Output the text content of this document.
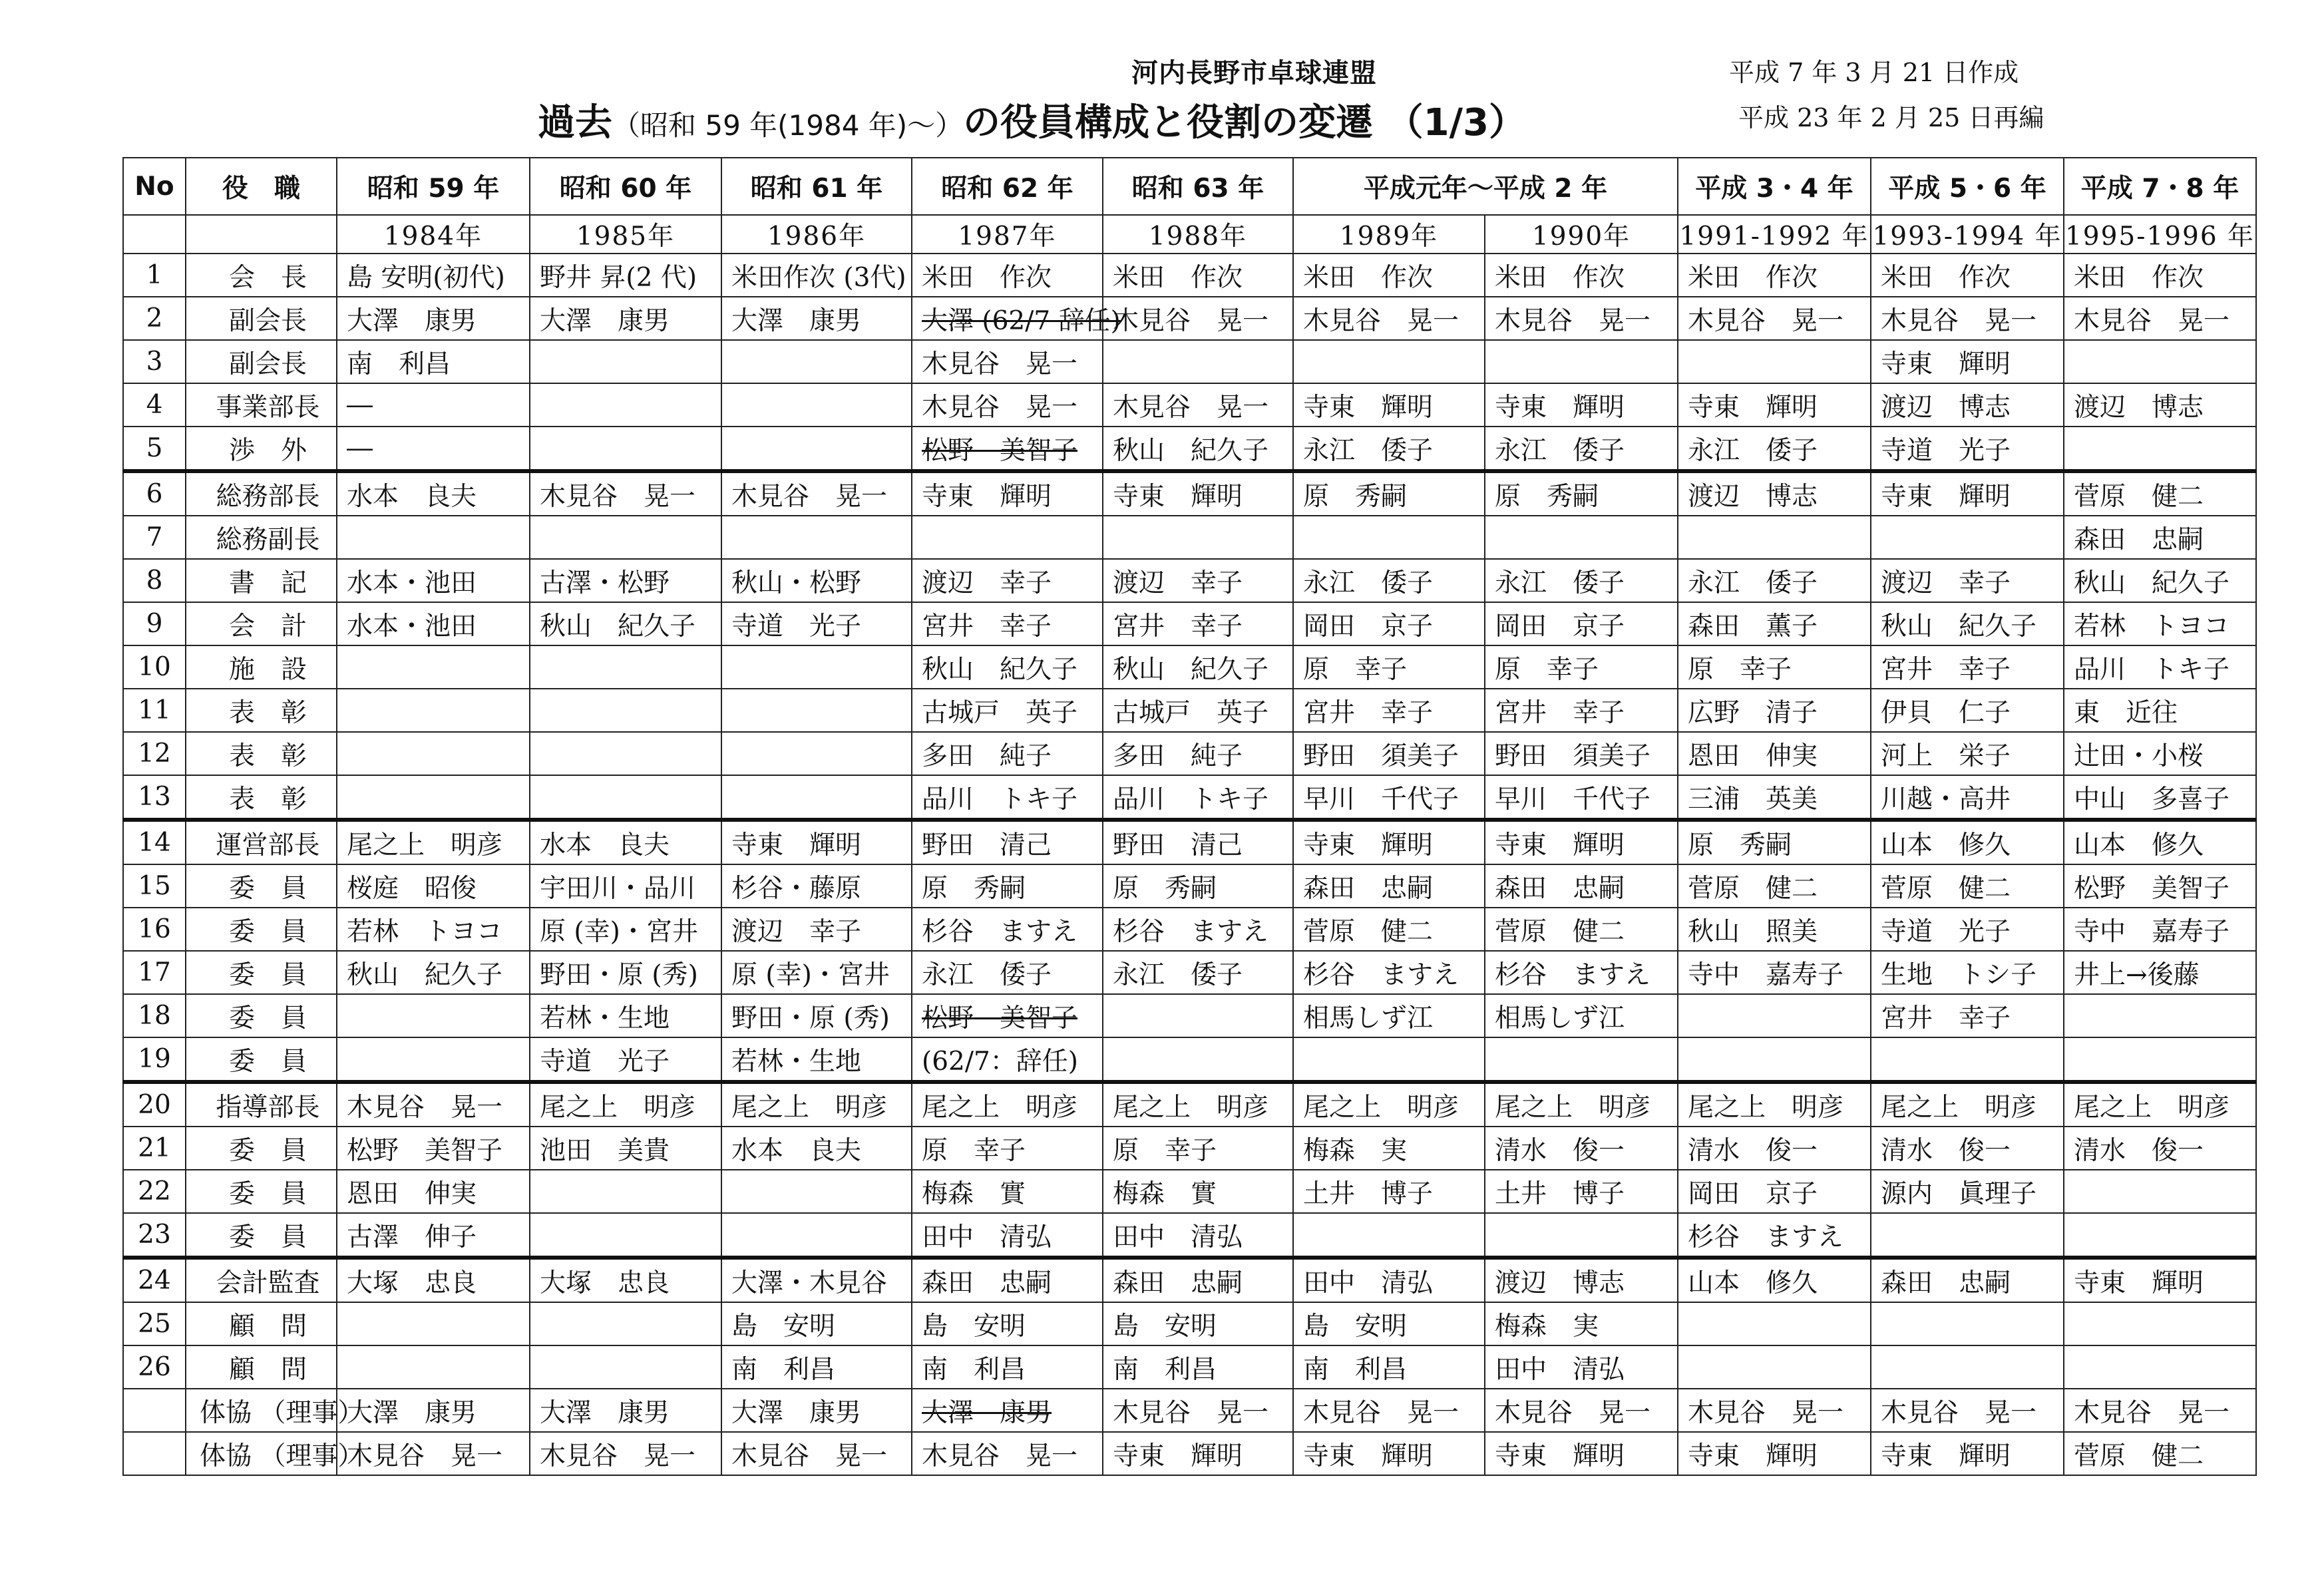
河内長野市卓球連盟
過去（昭和 59 年(1984 年)～）の役員構成と役割の変遷 （1/3）
平成 7 年 3 月 21 日作成
平成 23 年 2 月 25 日再編
No	役　職	昭和 59 年	昭和 60 年	昭和 61 年	昭和 62 年	昭和 63 年	平成元年～平成 2 年		平成 3・4 年	平成 5・6 年	平成 7・8 年
		1984年	1985年	1986年	1987年	1988年	1989年	1990年	1991-1992 年	1993-1994 年	1995-1996 年
1	会　長	島 安明(初代)	野井 昇(2 代)	米田作次 (3代)	米田　作次	米田　作次	米田　作次	米田　作次	米田　作次	米田　作次	米田　作次
2	副会長	大澤　康男	大澤　康男	大澤　康男	大澤 (62/7 辞任)	木見谷　晃一	木見谷　晃一	木見谷　晃一	木見谷　晃一	木見谷　晃一	木見谷　晃一
3	副会長	南　利昌			木見谷　晃一					寺東　輝明	
4	事業部長	―			木見谷　晃一	木見谷　晃一	寺東　輝明	寺東　輝明	寺東　輝明	渡辺　博志	渡辺　博志
5	渉　外	―			松野　美智子	秋山　紀久子	永江　倭子	永江　倭子	永江　倭子	寺道　光子	
6	総務部長	水本　良夫	木見谷　晃一	木見谷　晃一	寺東　輝明	寺東　輝明	原　秀嗣	原　秀嗣	渡辺　博志	寺東　輝明	菅原　健二
7	総務副長										森田　忠嗣
8	書　記	水本・池田	古澤・松野	秋山・松野	渡辺　幸子	渡辺　幸子	永江　倭子	永江　倭子	永江　倭子	渡辺　幸子	秋山　紀久子
9	会　計	水本・池田	秋山　紀久子	寺道　光子	宮井　幸子	宮井　幸子	岡田　京子	岡田　京子	森田　薫子	秋山　紀久子	若林　トヨコ
10	施　設				秋山　紀久子	秋山　紀久子	原　幸子	原　幸子	原　幸子	宮井　幸子	品川　トキ子
11	表　彰				古城戸　英子	古城戸　英子	宮井　幸子	宮井　幸子	広野　清子	伊貝　仁子	東　近往
12	表　彰				多田　純子	多田　純子	野田　須美子	野田　須美子	恩田　伸実	河上　栄子	辻田・小桜
13	表　彰				品川　トキ子	品川　トキ子	早川　千代子	早川　千代子	三浦　英美	川越・高井	中山　多喜子
14	運営部長	尾之上　明彦	水本　良夫	寺東　輝明	野田　清己	野田　清己	寺東　輝明	寺東　輝明	原　秀嗣	山本　修久	山本　修久
15	委　員	桜庭　昭俊	宇田川・品川	杉谷・藤原	原　秀嗣	原　秀嗣	森田　忠嗣	森田　忠嗣	菅原　健二	菅原　健二	松野　美智子
16	委　員	若林　トヨコ	原 (幸)・宮井	渡辺　幸子	杉谷　ますえ	杉谷　ますえ	菅原　健二	菅原　健二	秋山　照美	寺道　光子	寺中　嘉寿子
17	委　員	秋山　紀久子	野田・原 (秀)	原 (幸)・宮井	永江　倭子	永江　倭子	杉谷　ますえ	杉谷　ますえ	寺中　嘉寿子	生地　トシ子	井上→後藤
18	委　員		若林・生地	野田・原 (秀)	松野　美智子		相馬しず江	相馬しず江		宮井　幸子	
19	委　員		寺道　光子	若林・生地	(62/7：辞任)						
20	指導部長	木見谷　晃一	尾之上　明彦	尾之上　明彦	尾之上　明彦	尾之上　明彦	尾之上　明彦	尾之上　明彦	尾之上　明彦	尾之上　明彦	尾之上　明彦
21	委　員	松野　美智子	池田　美貴	水本　良夫	原　幸子	原　幸子	梅森　実	清水　俊一	清水　俊一	清水　俊一	清水　俊一
22	委　員	恩田　伸実			梅森　實	梅森　實	土井　博子	土井　博子	岡田　京子	源内　眞理子	
23	委　員	古澤　伸子			田中　清弘	田中　清弘			杉谷　ますえ		
24	会計監査	大塚　忠良	大塚　忠良	大澤・木見谷	森田　忠嗣	森田　忠嗣	田中　清弘	渡辺　博志	山本　修久	森田　忠嗣	寺東　輝明
25	顧　問			島　安明	島　安明	島　安明	島　安明	梅森　実			
26	顧　問			南　利昌	南　利昌	南　利昌	南　利昌	田中　清弘			
	体協 （理事）	大澤　康男	大澤　康男	大澤　康男	大澤　康男	木見谷　晃一	木見谷　晃一	木見谷　晃一	木見谷　晃一	木見谷　晃一	木見谷　晃一
	体協 （理事）	木見谷　晃一	木見谷　晃一	木見谷　晃一	木見谷　晃一	寺東　輝明	寺東　輝明	寺東　輝明	寺東　輝明	寺東　輝明	菅原　健二
